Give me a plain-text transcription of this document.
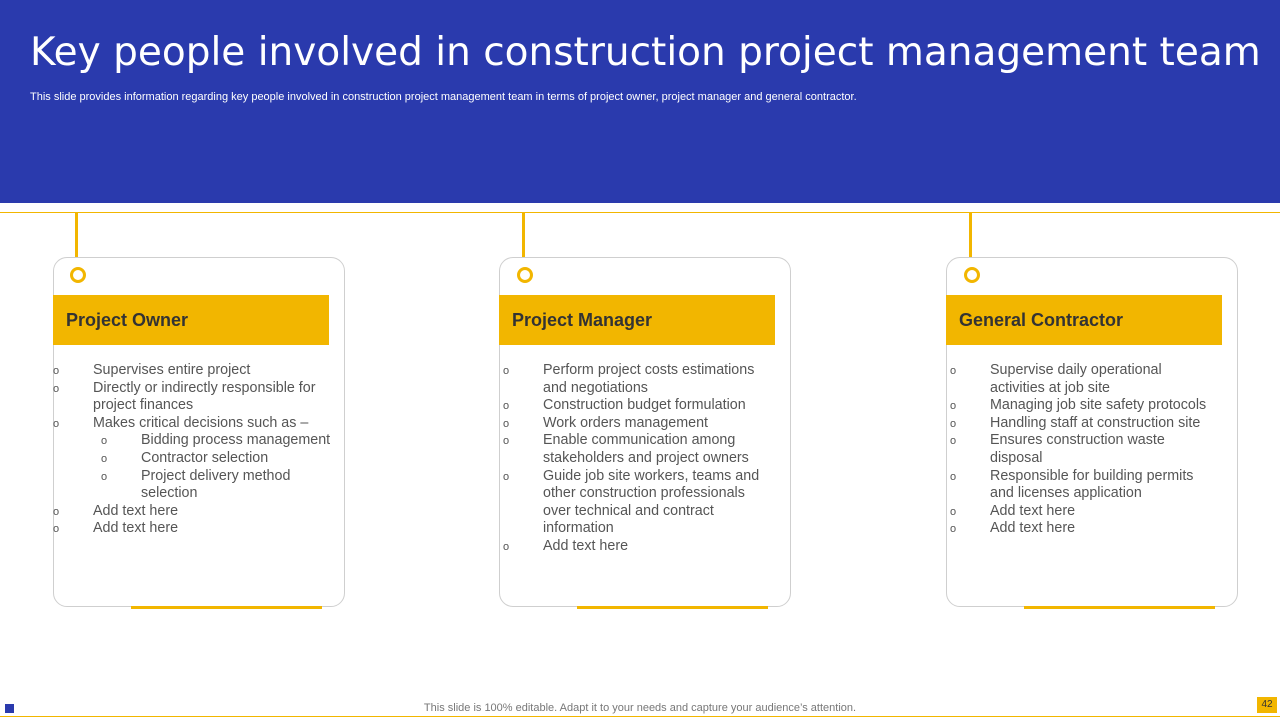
Key people involved in construction project management team

This slide provides information regarding key people involved in construction project management team in terms of project owner, project manager and general contractor.

Project Owner
o Supervises entire project
o Directly or indirectly responsible for
project finances
o Makes critical decisions such as –
o Bidding process management
o Contractor selection
o Project delivery method
selection
o Add text here
o Add text here
Project Manager
o Perform project costs estimations
and negotiations
o Construction budget formulation
o Work orders management
o Enable communication among
stakeholders and project owners
o Guide job site workers, teams and
other construction professionals
over technical and contract
information
o Add text here
General Contractor
o Supervise daily operational
activities at job site
o Managing job site safety protocols
o Handling staff at construction site
o Ensures construction waste
disposal
o Responsible for building permits
and licenses application
o Add text here
o Add text here
This slide is 100% editable. Adapt it to your needs and capture your audience’s attention.	42
